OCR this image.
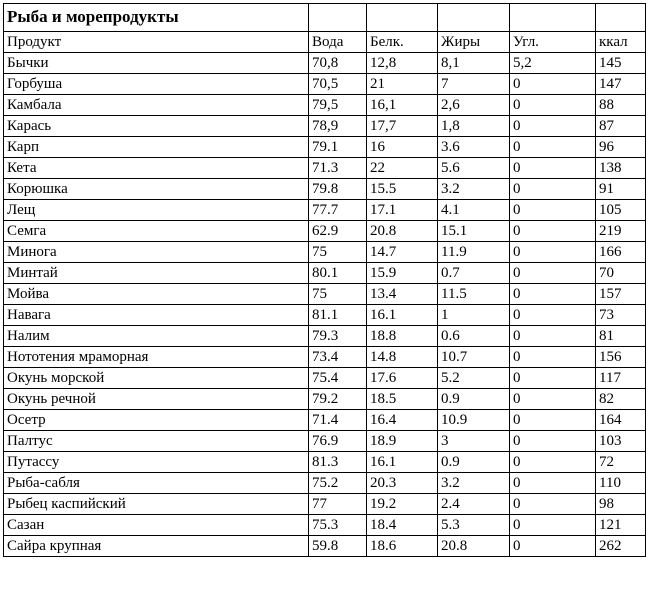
Рыба и морепродукты					
Продукт	Вода	Белк.	Жиры	Угл.	ккал
Бычки	70,8	12,8	8,1	5,2	145
Горбуша	70,5	21	7	0	147
Камбала	79,5	16,1	2,6	0	88
Карась	78,9	17,7	1,8	0	87
Карп	79.1	16	3.6	0	96
Кета	71.3	22	5.6	0	138
Корюшка	79.8	15.5	3.2	0	91
Лещ	77.7	17.1	4.1	0	105
Семга	62.9	20.8	15.1	0	219
Минога	75	14.7	11.9	0	166
Минтай	80.1	15.9	0.7	0	70
Мойва	75	13.4	11.5	0	157
Навага	81.1	16.1	1	0	73
Налим	79.3	18.8	0.6	0	81
Нототения мраморная	73.4	14.8	10.7	0	156
Окунь морской	75.4	17.6	5.2	0	117
Окунь речной	79.2	18.5	0.9	0	82
Осетр	71.4	16.4	10.9	0	164
Палтус	76.9	18.9	3	0	103
Путассу	81.3	16.1	0.9	0	72
Рыба-сабля	75.2	20.3	3.2	0	110
Рыбец каспийский	77	19.2	2.4	0	98
Сазан	75.3	18.4	5.3	0	121
Сайра крупная	59.8	18.6	20.8	0	262
